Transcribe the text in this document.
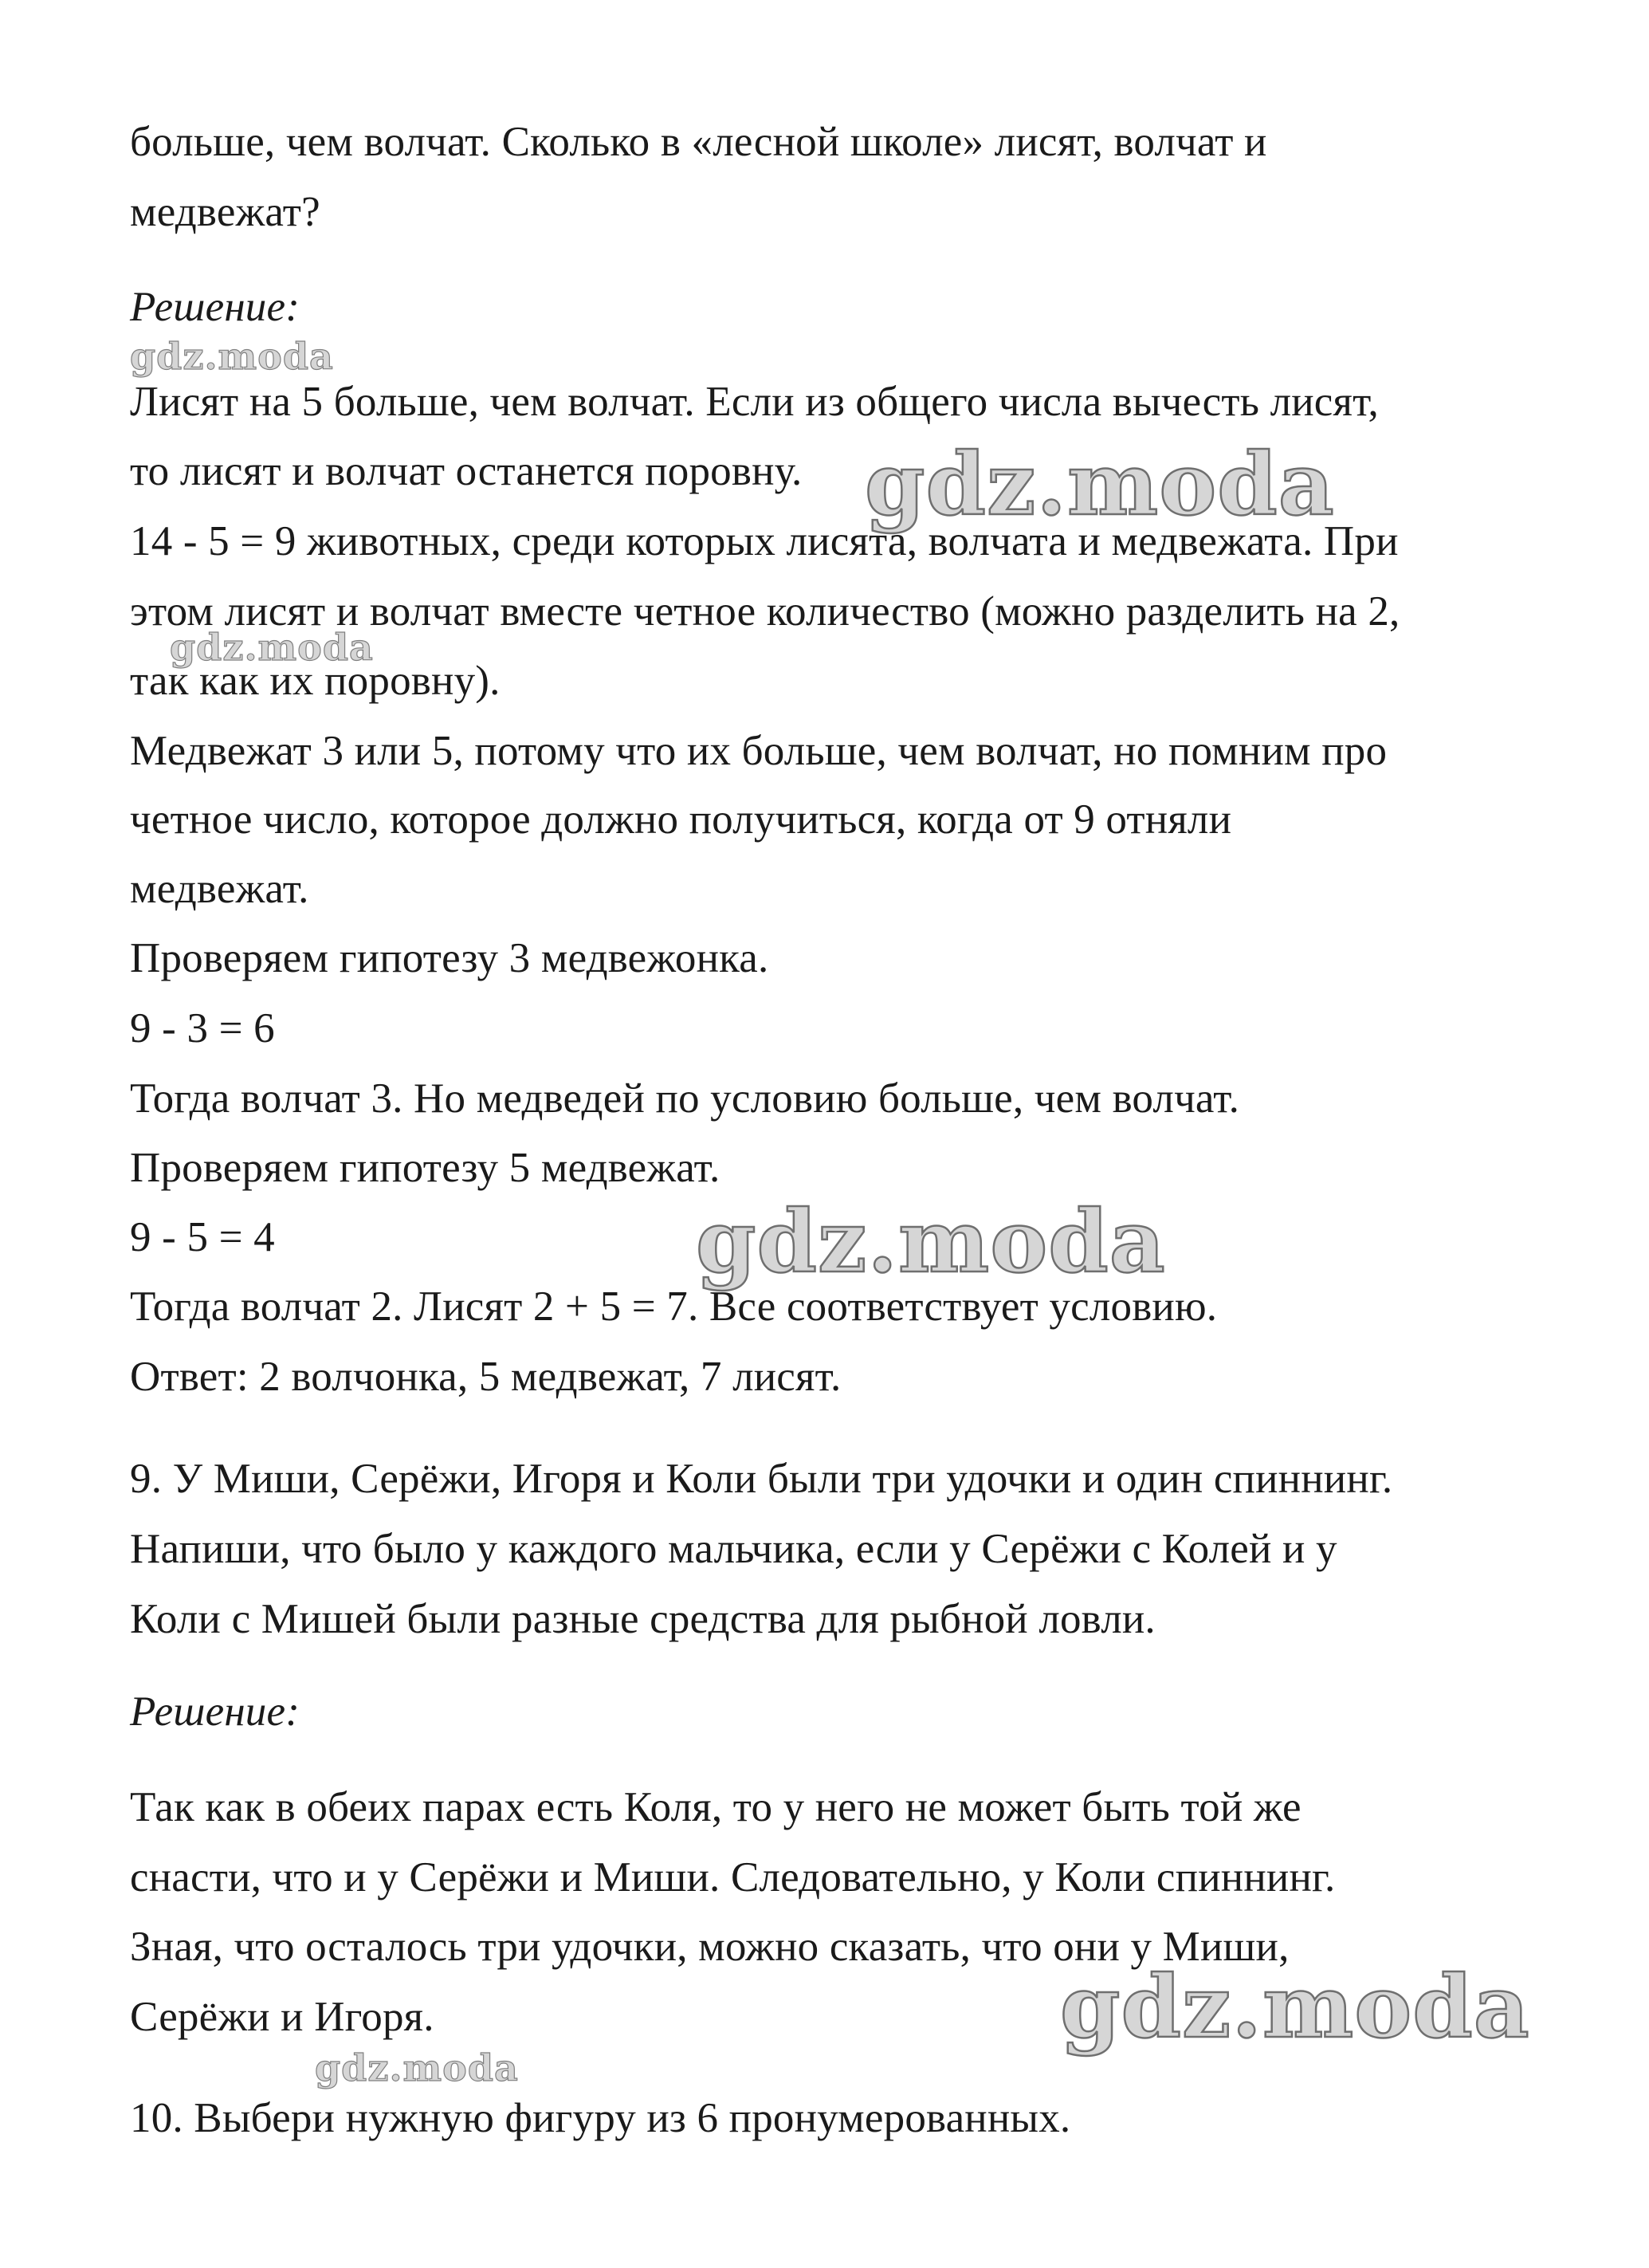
больше, чем волчат. Сколько в «лесной школе» лисят, волчат и
медвежат?
Решение:
Лисят на 5 больше, чем волчат. Если из общего числа вычесть лисят,
то лисят и волчат останется поровну.
14 - 5 = 9 животных, среди которых лисята, волчата и медвежата. При
этом лисят и волчат вместе четное количество (можно разделить на 2,
так как их поровну).
Медвежат 3 или 5, потому что их больше, чем волчат, но помним про
четное число, которое должно получиться, когда от 9 отняли
медвежат.
Проверяем гипотезу 3 медвежонка.
9 - 3 = 6
Тогда волчат 3. Но медведей по условию больше, чем волчат.
Проверяем гипотезу 5 медвежат.
9 - 5 = 4
Тогда волчат 2. Лисят 2 + 5 = 7. Все соответствует условию.
Ответ: 2 волчонка, 5 медвежат, 7 лисят.
9. У Миши, Серёжи, Игоря и Коли были три удочки и один спиннинг.
Напиши, что было у каждого мальчика, если у Серёжи с Колей и у
Коли с Мишей были разные средства для рыбной ловли.
Решение:
Так как в обеих парах есть Коля, то у него не может быть той же
снасти, что и у Серёжи и Миши. Следовательно, у Коли спиннинг.
Зная, что осталось три удочки, можно сказать, что они у Миши,
Серёжи и Игоря.
10. Выбери нужную фигуру из 6 пронумерованных.
gdz.moda
gdz.moda
gdz.moda
gdz.moda
gdz.moda
gdz.moda
